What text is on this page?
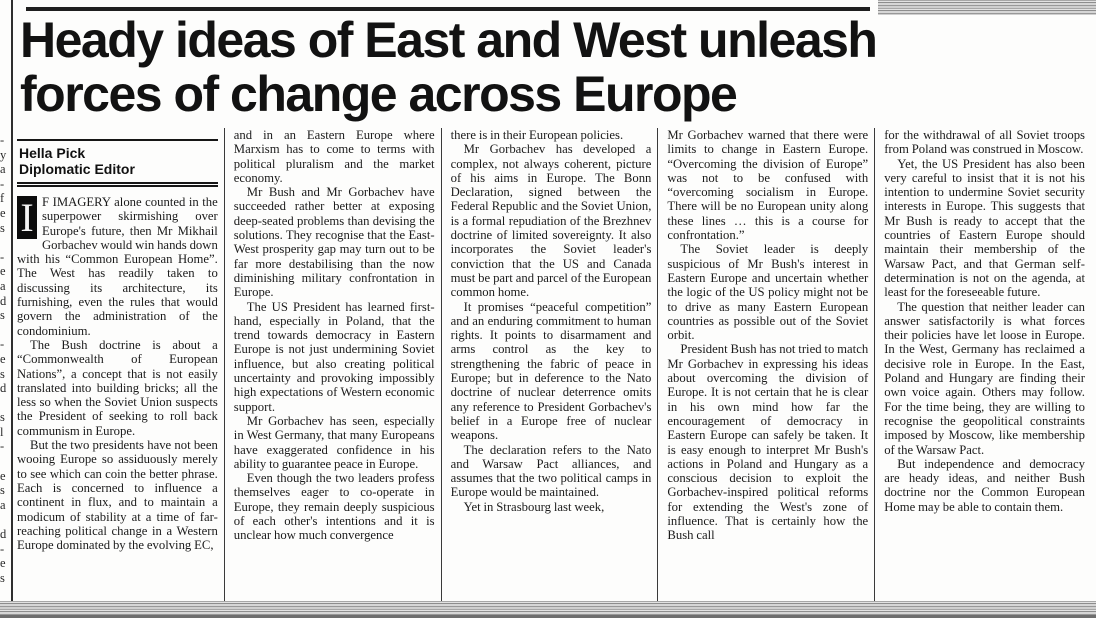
-
y
a
-
f
e
s
-
e
a
d
s
-
e
s
d
s
l
-
e
s
a
d
-
e
s
Heady ideas of East and West unleash
forces of change across Europe
Hella Pick
Diplomatic Editor

I F IMAGERY alone counted in the superpower skirmishing over Europe's future, then Mr Mikhail Gorbachev would win hands down with his “Common European Home”. The West has readily taken to discussing its architecture, its furnishing, even the rules that would govern the administration of the condominium.

The Bush doctrine is about a “Commonwealth of European Nations”, a concept that is not easily translated into building bricks; all the less so when the Soviet Union suspects the President of seeking to roll back communism in Europe.

But the two presidents have not been wooing Europe so assiduously merely to see which can coin the better phrase. Each is concerned to influence a continent in flux, and to maintain a modicum of stability at a time of far-reaching political change in a Western Europe dominated by the evolving EC,

and in an Eastern Europe where Marxism has to come to terms with political pluralism and the market economy.

Mr Bush and Mr Gorbachev have succeeded rather better at exposing deep-seated problems than devising the solutions. They recognise that the East-West prosperity gap may turn out to be far more destabilising than the now diminishing military confrontation in Europe.

The US President has learned first-hand, especially in Poland, that the trend towards democracy in Eastern Europe is not just undermining Soviet influence, but also creating political uncertainty and provoking impossibly high expectations of Western economic support.

Mr Gorbachev has seen, especially in West Germany, that many Europeans have exaggerated confidence in his ability to guarantee peace in Europe.

Even though the two leaders profess themselves eager to co-operate in Europe, they remain deeply suspicious of each other's intentions and it is unclear how much convergence

there is in their European policies.

Mr Gorbachev has developed a complex, not always coherent, picture of his aims in Europe. The Bonn Declaration, signed between the Federal Republic and the Soviet Union, is a formal repudiation of the Brezhnev doctrine of limited sovereignty. It also incorporates the Soviet leader's conviction that the US and Canada must be part and parcel of the European common home.

It promises “peaceful competition” and an enduring commitment to human rights. It points to disarmament and arms control as the key to strengthening the fabric of peace in Europe; but in deference to the Nato doctrine of nuclear deterrence omits any reference to President Gorbachev's belief in a Europe free of nuclear weapons.

The declaration refers to the Nato and Warsaw Pact alliances, and assumes that the two political camps in Europe would be maintained.

Yet in Strasbourg last week,

Mr Gorbachev warned that there were limits to change in Eastern Europe. “Overcoming the division of Europe” was not to be confused with “overcoming socialism in Europe. There will be no European unity along these lines … this is a course for confrontation.”

The Soviet leader is deeply suspicious of Mr Bush's interest in Eastern Europe and uncertain whether the logic of the US policy might not be to drive as many Eastern European countries as possible out of the Soviet orbit.

President Bush has not tried to match Mr Gorbachev in expressing his ideas about overcoming the division of Europe. It is not certain that he is clear in his own mind how far the encouragement of democracy in Eastern Europe can safely be taken. It is easy enough to interpret Mr Bush's actions in Poland and Hungary as a conscious decision to exploit the Gorbachev-inspired political reforms for extending the West's zone of influence. That is certainly how the Bush call

for the withdrawal of all Soviet troops from Poland was construed in Moscow.

Yet, the US President has also been very careful to insist that it is not his intention to undermine Soviet security interests in Europe. This suggests that Mr Bush is ready to accept that the countries of Eastern Europe should maintain their membership of the Warsaw Pact, and that German self-determination is not on the agenda, at least for the foreseeable future.

The question that neither leader can answer satisfactorily is what forces their policies have let loose in Europe. In the West, Germany has reclaimed a decisive role in Europe. In the East, Poland and Hungary are finding their own voice again. Others may follow. For the time being, they are willing to recognise the geopolitical constraints imposed by Moscow, like membership of the Warsaw Pact.

But independence and democracy are heady ideas, and neither Bush doctrine nor the Common European Home may be able to contain them.
